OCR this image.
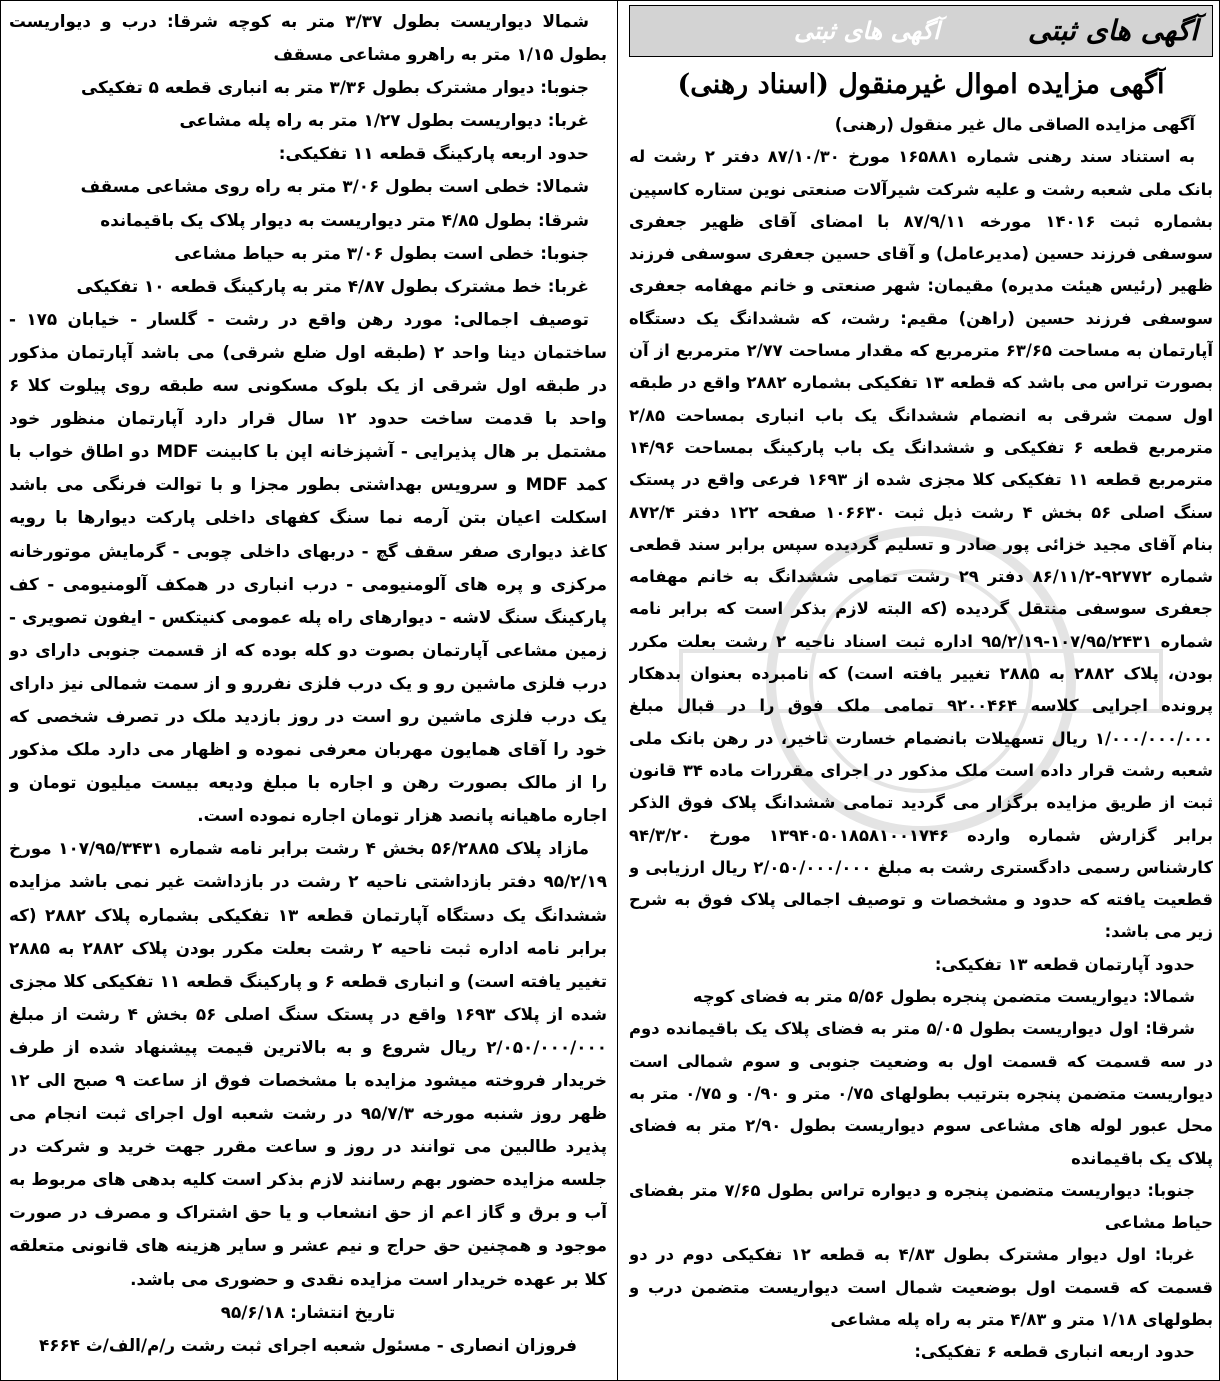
آگهی های ثبتی
آگهی های ثبتی
آگهی مزایده اموال غیرمنقول (اسناد رهنی)

آگهی مزایده الصاقی مال غیر منقول (رهنی)

به استناد سند رهنی شماره ۱۶۵۸۸۱ مورخ ۸۷/۱۰/۳۰ دفتر ۲ رشت له بانک ملی شعبه رشت و علیه شرکت شیرآلات صنعتی نوین ستاره کاسپین بشماره ثبت ۱۴۰۱۶ مورخه ۸۷/۹/۱۱ با امضای آقای ظهیر جعفری سوسفی فرزند حسین (مدیرعامل) و آقای حسین جعفری سوسفی فرزند ظهیر (رئیس هیئت مدیره) مقیمان: شهر صنعتی و خانم مهفامه جعفری سوسفی فرزند حسین (راهن) مقیم: رشت، که ششدانگ یک دستگاه آپارتمان به مساحت ۶۳/۶۵ مترمربع که مقدار مساحت ۲/۷۷ مترمربع از آن بصورت تراس می باشد که قطعه ۱۳ تفکیکی بشماره ۲۸۸۲ واقع در طبقه اول سمت شرقی به انضمام ششدانگ یک باب انباری بمساحت ۲/۸۵ مترمربع قطعه ۶ تفکیکی و ششدانگ یک باب پارکینگ بمساحت ۱۴/۹۶ مترمربع قطعه ۱۱ تفکیکی کلا مجزی شده از ۱۶۹۳ فرعی واقع در پستک سنگ اصلی ۵۶ بخش ۴ رشت ذیل ثبت ۱۰۶۶۳۰ صفحه ۱۲۲ دفتر ۸۷۲/۴ بنام آقای مجید خزائی پور صادر و تسلیم گردیده سپس برابر سند قطعی شماره ۹۲۷۷۲-۸۶/۱۱/۲ دفتر ۲۹ رشت تمامی ششدانگ به خانم مهفامه جعفری سوسفی منتقل گردیده (که البته لازم بذکر است که برابر نامه شماره ۱۰۷/۹۵/۲۴۳۱-۹۵/۲/۱۹ اداره ثبت اسناد ناحیه ۲ رشت بعلت مکرر بودن، پلاک ۲۸۸۲ به ۲۸۸۵ تغییر یافته است) که نامبرده بعنوان بدهکار پرونده اجرایی کلاسه ۹۲۰۰۴۶۴ تمامی ملک فوق را در قبال مبلغ ۱/۰۰۰/۰۰۰/۰۰۰ ریال تسهیلات بانضمام خسارت تاخیر، در رهن بانک ملی شعبه رشت قرار داده است ملک مذکور در اجرای مقررات ماده ۳۴ قانون ثبت از طریق مزایده برگزار می گردید تمامی ششدانگ پلاک فوق الذکر برابر گزارش شماره وارده ۱۳۹۴۰۵۰۱۸۵۸۱۰۰۱۷۴۶ مورخ ۹۴/۳/۲۰ کارشناس رسمی دادگستری رشت به مبلغ ۲/۰۵۰/۰۰۰/۰۰۰ ریال ارزیابی و قطعیت یافته که حدود و مشخصات و توصیف اجمالی پلاک فوق به شرح زیر می باشد:

حدود آپارتمان قطعه ۱۳ تفکیکی:

شمالا: دیواریست متضمن پنجره بطول ۵/۵۶ متر به فضای کوچه

شرقا: اول دیواریست بطول ۵/۰۵ متر به فضای پلاک یک باقیمانده دوم در سه قسمت که قسمت اول به وضعیت جنوبی و سوم شمالی است دیواریست متضمن پنجره بترتیب بطولهای ۰/۷۵ متر و ۰/۹۰ و ۰/۷۵ متر به محل عبور لوله های مشاعی سوم دیواریست بطول ۲/۹۰ متر به فضای پلاک یک باقیمانده

جنوبا: دیواریست متضمن پنجره و دیواره تراس بطول ۷/۶۵ متر بفضای حیاط مشاعی

غربا: اول دیوار مشترک بطول ۴/۸۳ به قطعه ۱۲ تفکیکی دوم در دو قسمت که قسمت اول بوضعیت شمال است دیواریست متضمن درب و بطولهای ۱/۱۸ متر و ۴/۸۳ متر به راه پله مشاعی

حدود اربعه انباری قطعه ۶ تفکیکی:

شمالا دیواریست بطول ۳/۳۷ متر به کوچه شرقا: درب و دیواریست بطول ۱/۱۵ متر به راهرو مشاعی مسقف

جنوبا: دیوار مشترک بطول ۳/۳۶ متر به انباری قطعه ۵ تفکیکی

غربا: دیواریست بطول ۱/۲۷ متر به راه پله مشاعی

حدود اربعه پارکینگ قطعه ۱۱ تفکیکی:

شمالا: خطی است بطول ۳/۰۶ متر به راه روی مشاعی مسقف

شرقا: بطول ۴/۸۵ متر دیواریست به دیوار پلاک یک باقیمانده

جنوبا: خطی است بطول ۳/۰۶ متر به حیاط مشاعی

غربا: خط مشترک بطول ۴/۸۷ متر به پارکینگ قطعه ۱۰ تفکیکی

توصیف اجمالی: مورد رهن واقع در رشت - گلسار - خیابان ۱۷۵ - ساختمان دینا واحد ۲ (طبقه اول ضلع شرقی) می باشد آپارتمان مذکور در طبقه اول شرقی از یک بلوک مسکونی سه طبقه روی پیلوت کلا ۶ واحد با قدمت ساخت حدود ۱۲ سال قرار دارد آپارتمان منظور خود مشتمل بر هال پذیرایی - آشپزخانه اپن با کابینت MDF دو اطاق خواب با کمد MDF و سرویس بهداشتی بطور مجزا و با توالت فرنگی می باشد اسکلت اعیان بتن آرمه نما سنگ کفهای داخلی پارکت دیوارها با رویه کاغذ دیواری صفر سقف گچ - دربهای داخلی چوبی - گرمایش موتورخانه مرکزی و پره های آلومنیومی - درب انباری در همکف آلومنیومی - کف پارکینگ سنگ لاشه - دیوارهای راه پله عمومی کنیتکس - ایفون تصویری - زمین مشاعی آپارتمان بصوت دو کله بوده که از قسمت جنوبی دارای دو درب فلزی ماشین رو و یک درب فلزی نفررو و از سمت شمالی نیز دارای یک درب فلزی ماشین رو است در روز بازدید ملک در تصرف شخصی که خود را آقای همایون مهربان معرفی نموده و اظهار می دارد ملک مذکور را از مالک بصورت رهن و اجاره با مبلغ ودیعه بیست میلیون تومان و اجاره ماهیانه پانصد هزار تومان اجاره نموده است.

مازاد پلاک ۵۶/۲۸۸۵ بخش ۴ رشت برابر نامه شماره ۱۰۷/۹۵/۳۴۳۱ مورخ ۹۵/۲/۱۹ دفتر بازداشتی ناحیه ۲ رشت در بازداشت غیر نمی باشد مزایده ششدانگ یک دستگاه آپارتمان قطعه ۱۳ تفکیکی بشماره پلاک ۲۸۸۲ (که برابر نامه اداره ثبت ناحیه ۲ رشت بعلت مکرر بودن پلاک ۲۸۸۲ به ۲۸۸۵ تغییر یافته است) و انباری قطعه ۶ و پارکینگ قطعه ۱۱ تفکیکی کلا مجزی شده از پلاک ۱۶۹۳ واقع در پستک سنگ اصلی ۵۶ بخش ۴ رشت از مبلغ ۲/۰۵۰/۰۰۰/۰۰۰ ریال شروع و به بالاترین قیمت پیشنهاد شده از طرف خریدار فروخته میشود مزایده با مشخصات فوق از ساعت ۹ صبح الی ۱۲ ظهر روز شنبه مورخه ۹۵/۷/۳ در رشت شعبه اول اجرای ثبت انجام می پذیرد طالبین می توانند در روز و ساعت مقرر جهت خرید و شرکت در جلسه مزایده حضور بهم رسانند لازم بذکر است کلیه بدهی های مربوط به آب و برق و گاز اعم از حق انشعاب و یا حق اشتراک و مصرف در صورت موجود و همچنین حق حراج و نیم عشر و سایر هزینه های قانونی متعلقه کلا بر عهده خریدار است مزایده نقدی و حضوری می باشد.

تاریخ انتشار: ۹۵/۶/۱۸

فروزان انصاری - مسئول شعبه اجرای ثبت رشت ر/م/الف/ث ۴۶۶۴
